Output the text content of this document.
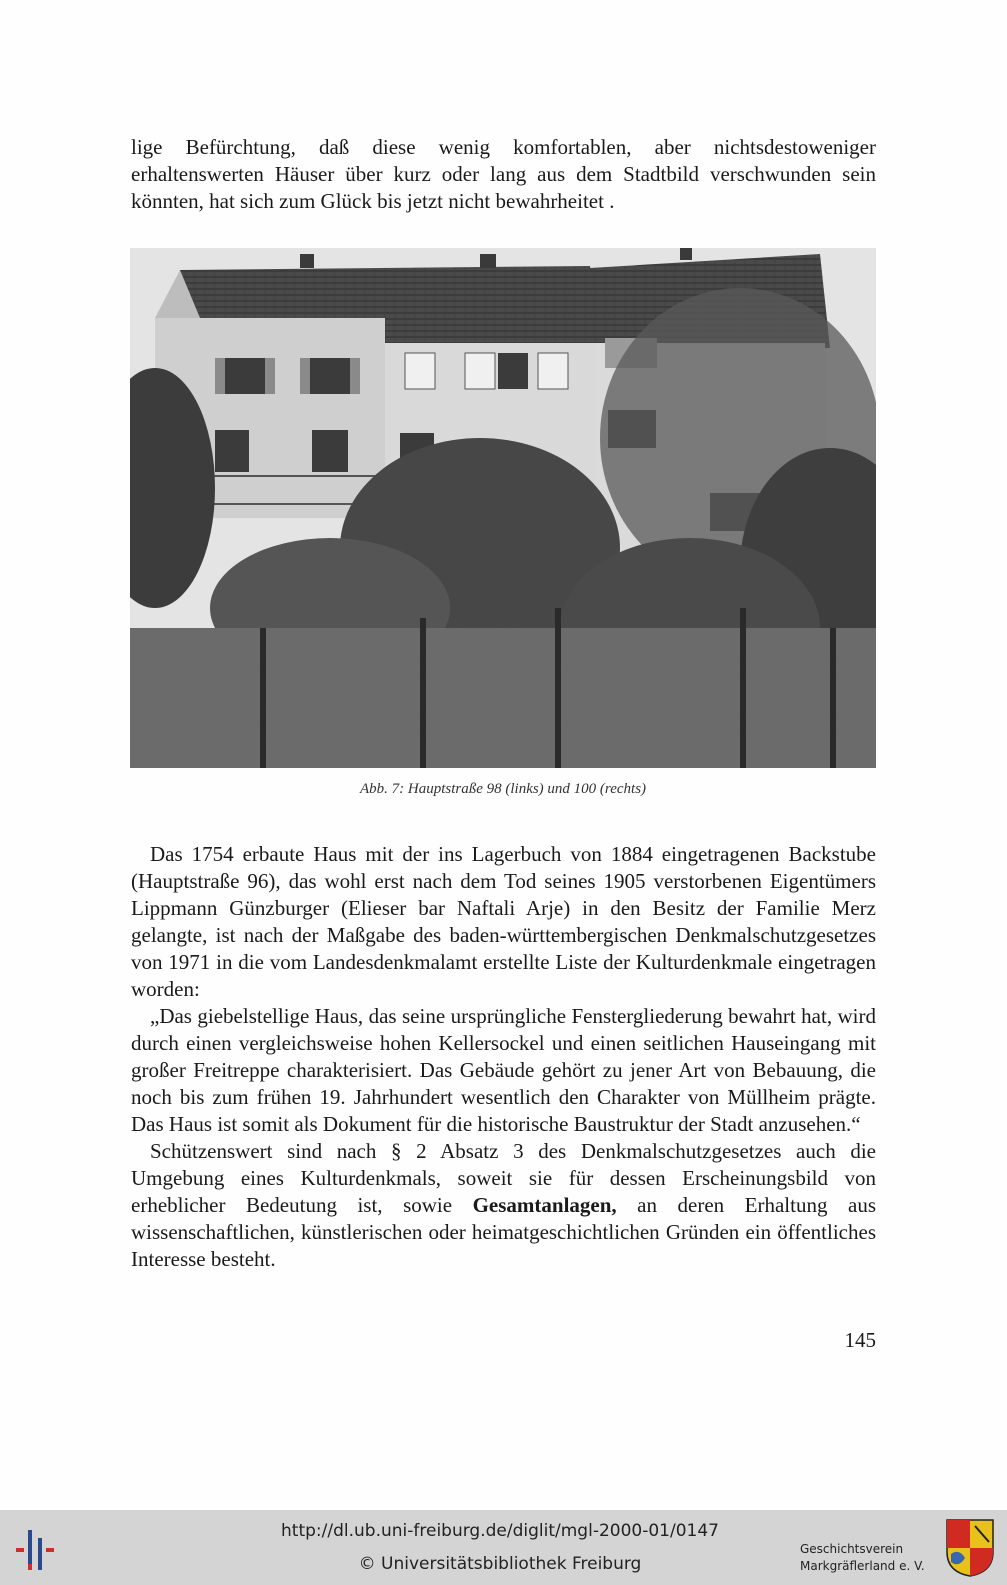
lige Befürchtung, daß diese wenig komfortablen, aber nichtsdestoweniger erhaltenswerten Häuser über kurz oder lang aus dem Stadtbild verschwunden sein könnten, hat sich zum Glück bis jetzt nicht bewahrheitet .

Abb. 7: Hauptstraße 98 (links) und 100 (rechts)

Das 1754 erbaute Haus mit der ins Lagerbuch von 1884 eingetragenen Backstube (Hauptstraße 96), das wohl erst nach dem Tod seines 1905 verstorbenen Eigentümers Lippmann Günzburger (Elieser bar Naftali Arje) in den Besitz der Familie Merz gelangte, ist nach der Maßgabe des baden-württembergischen Denkmalschutzgesetzes von 1971 in die vom Landesdenkmalamt erstellte Liste der Kulturdenkmale eingetragen worden:

„Das giebelstellige Haus, das seine ursprüngliche Fenstergliederung bewahrt hat, wird durch einen vergleichsweise hohen Kellersockel und einen seitlichen Hauseingang mit großer Freitreppe charakterisiert. Das Gebäude gehört zu jener Art von Bebauung, die noch bis zum frühen 19. Jahrhundert wesentlich den Charakter von Müllheim prägte. Das Haus ist somit als Dokument für die historische Baustruktur der Stadt anzusehen.“

Schützenswert sind nach § 2 Absatz 3 des Denkmalschutzgesetzes auch die Umgebung eines Kulturdenkmals, soweit sie für dessen Erscheinungsbild von erheblicher Bedeutung ist, sowie Gesamtanlagen, an deren Erhaltung aus wissenschaftlichen, künstlerischen oder heimatgeschichtlichen Gründen ein öffentliches Interesse besteht.

145
http://dl.ub.uni-freiburg.de/diglit/mgl-2000-01/0147
© Universitätsbibliothek Freiburg
Geschichtsverein
Markgräflerland e. V.
